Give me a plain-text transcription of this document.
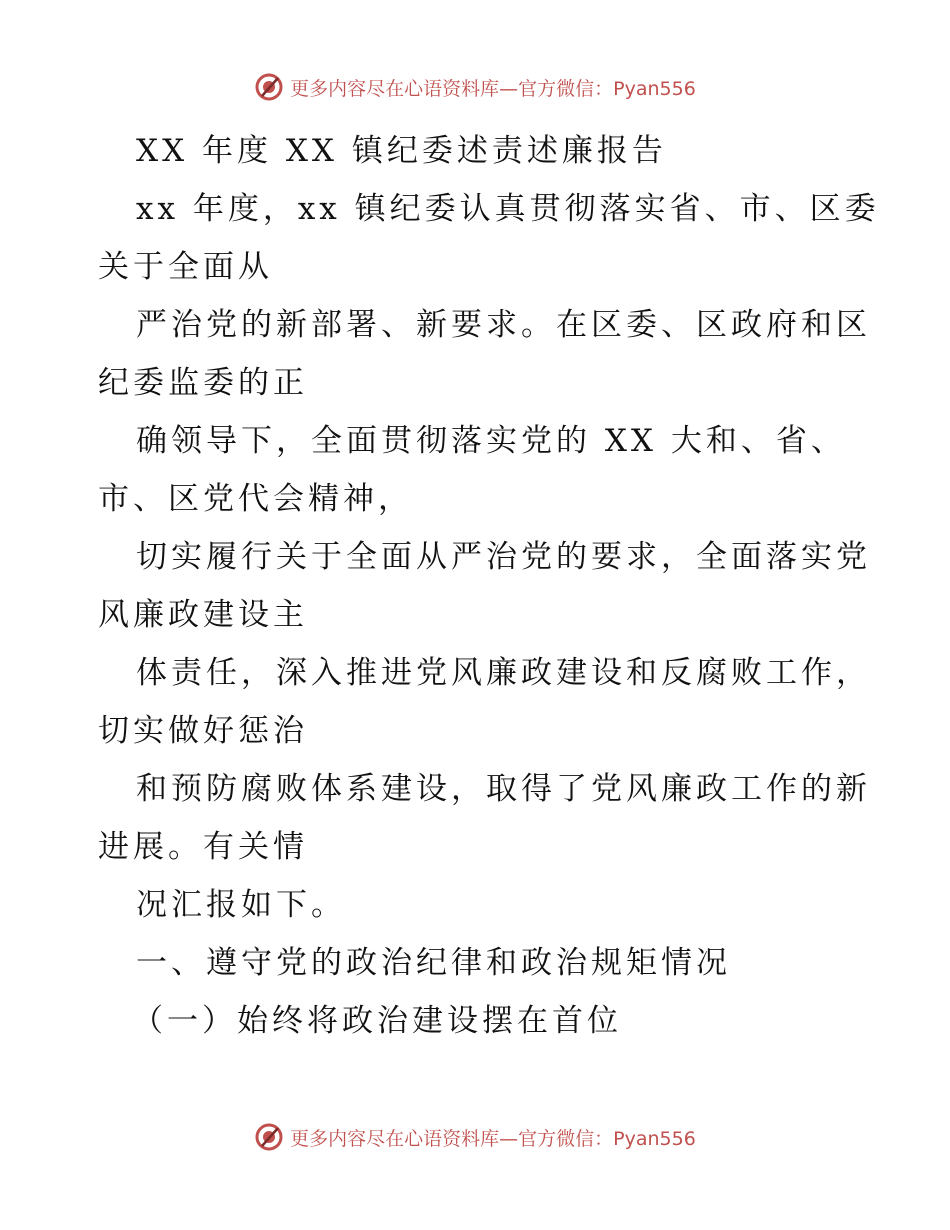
更多内容尽在心语资料库—官方微信：Pyan556
XX 年度 XX 镇纪委述责述廉报告
xx 年度，xx 镇纪委认真贯彻落实省、市、区委
关于全面从
严治党的新部署、新要求。在区委、区政府和区
纪委监委的正
确领导下，全面贯彻落实党的 XX 大和、省、
市、区党代会精神，
切实履行关于全面从严治党的要求，全面落实党
风廉政建设主
体责任，深入推进党风廉政建设和反腐败工作，
切实做好惩治
和预防腐败体系建设，取得了党风廉政工作的新
进展。有关情
况汇报如下。
一、遵守党的政治纪律和政治规矩情况
（一）始终将政治建设摆在首位
更多内容尽在心语资料库—官方微信：Pyan556
